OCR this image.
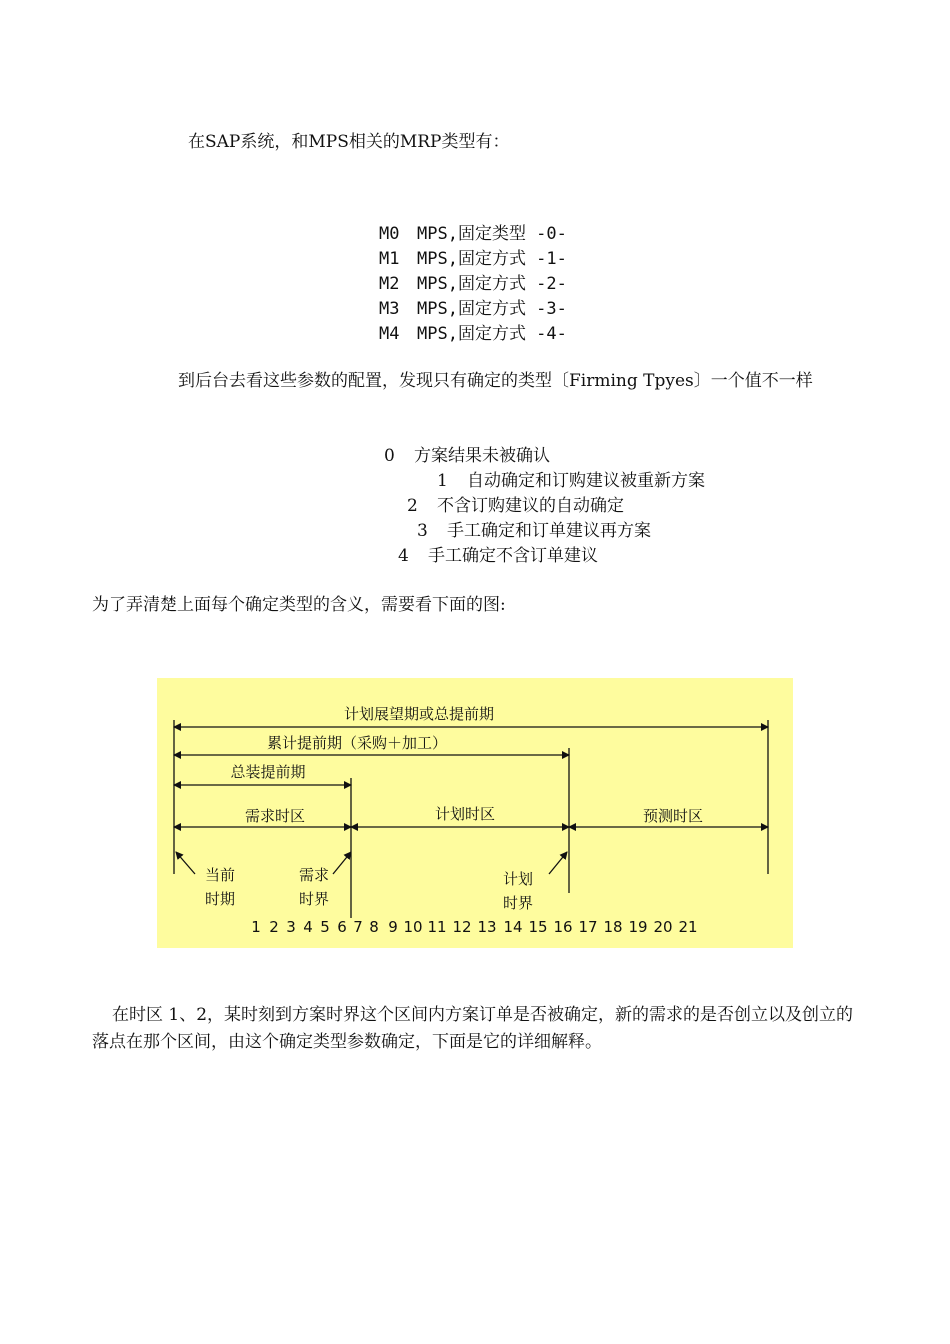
在SAP系统，和MPS相关的MRP类型有：
M0	MPS,固定类型 -0-
M1	MPS,固定方式 -1-
M2	MPS,固定方式 -2-
M3	MPS,固定方式 -3-
M4	MPS,固定方式 -4-
到后台去看这些参数的配置，发现只有确定的类型〔Firming Tpyes〕一个值不一样
0 方案结果未被确认
1 自动确定和订购建议被重新方案
2 不含订购建议的自动确定
3 手工确定和订单建议再方案
4 手工确定不含订单建议
为了弄清楚上面每个确定类型的含义，需要看下面的图:
计划展望期或总提前期
累计提前期（采购＋加工）
总装提前期
需求时区	计划时区	预测时区
当前
时期
需求
时界
计划
时界
1 2 3 4 5 6 7 8 9 10 11 12 13 14 15 16 17 18 19 20 21
在时区 1、2，某时刻到方案时界这个区间内方案订单是否被确定，新的需求的是否创立以及创立的落点在那个区间，由这个确定类型参数确定，下面是它的详细解释。
